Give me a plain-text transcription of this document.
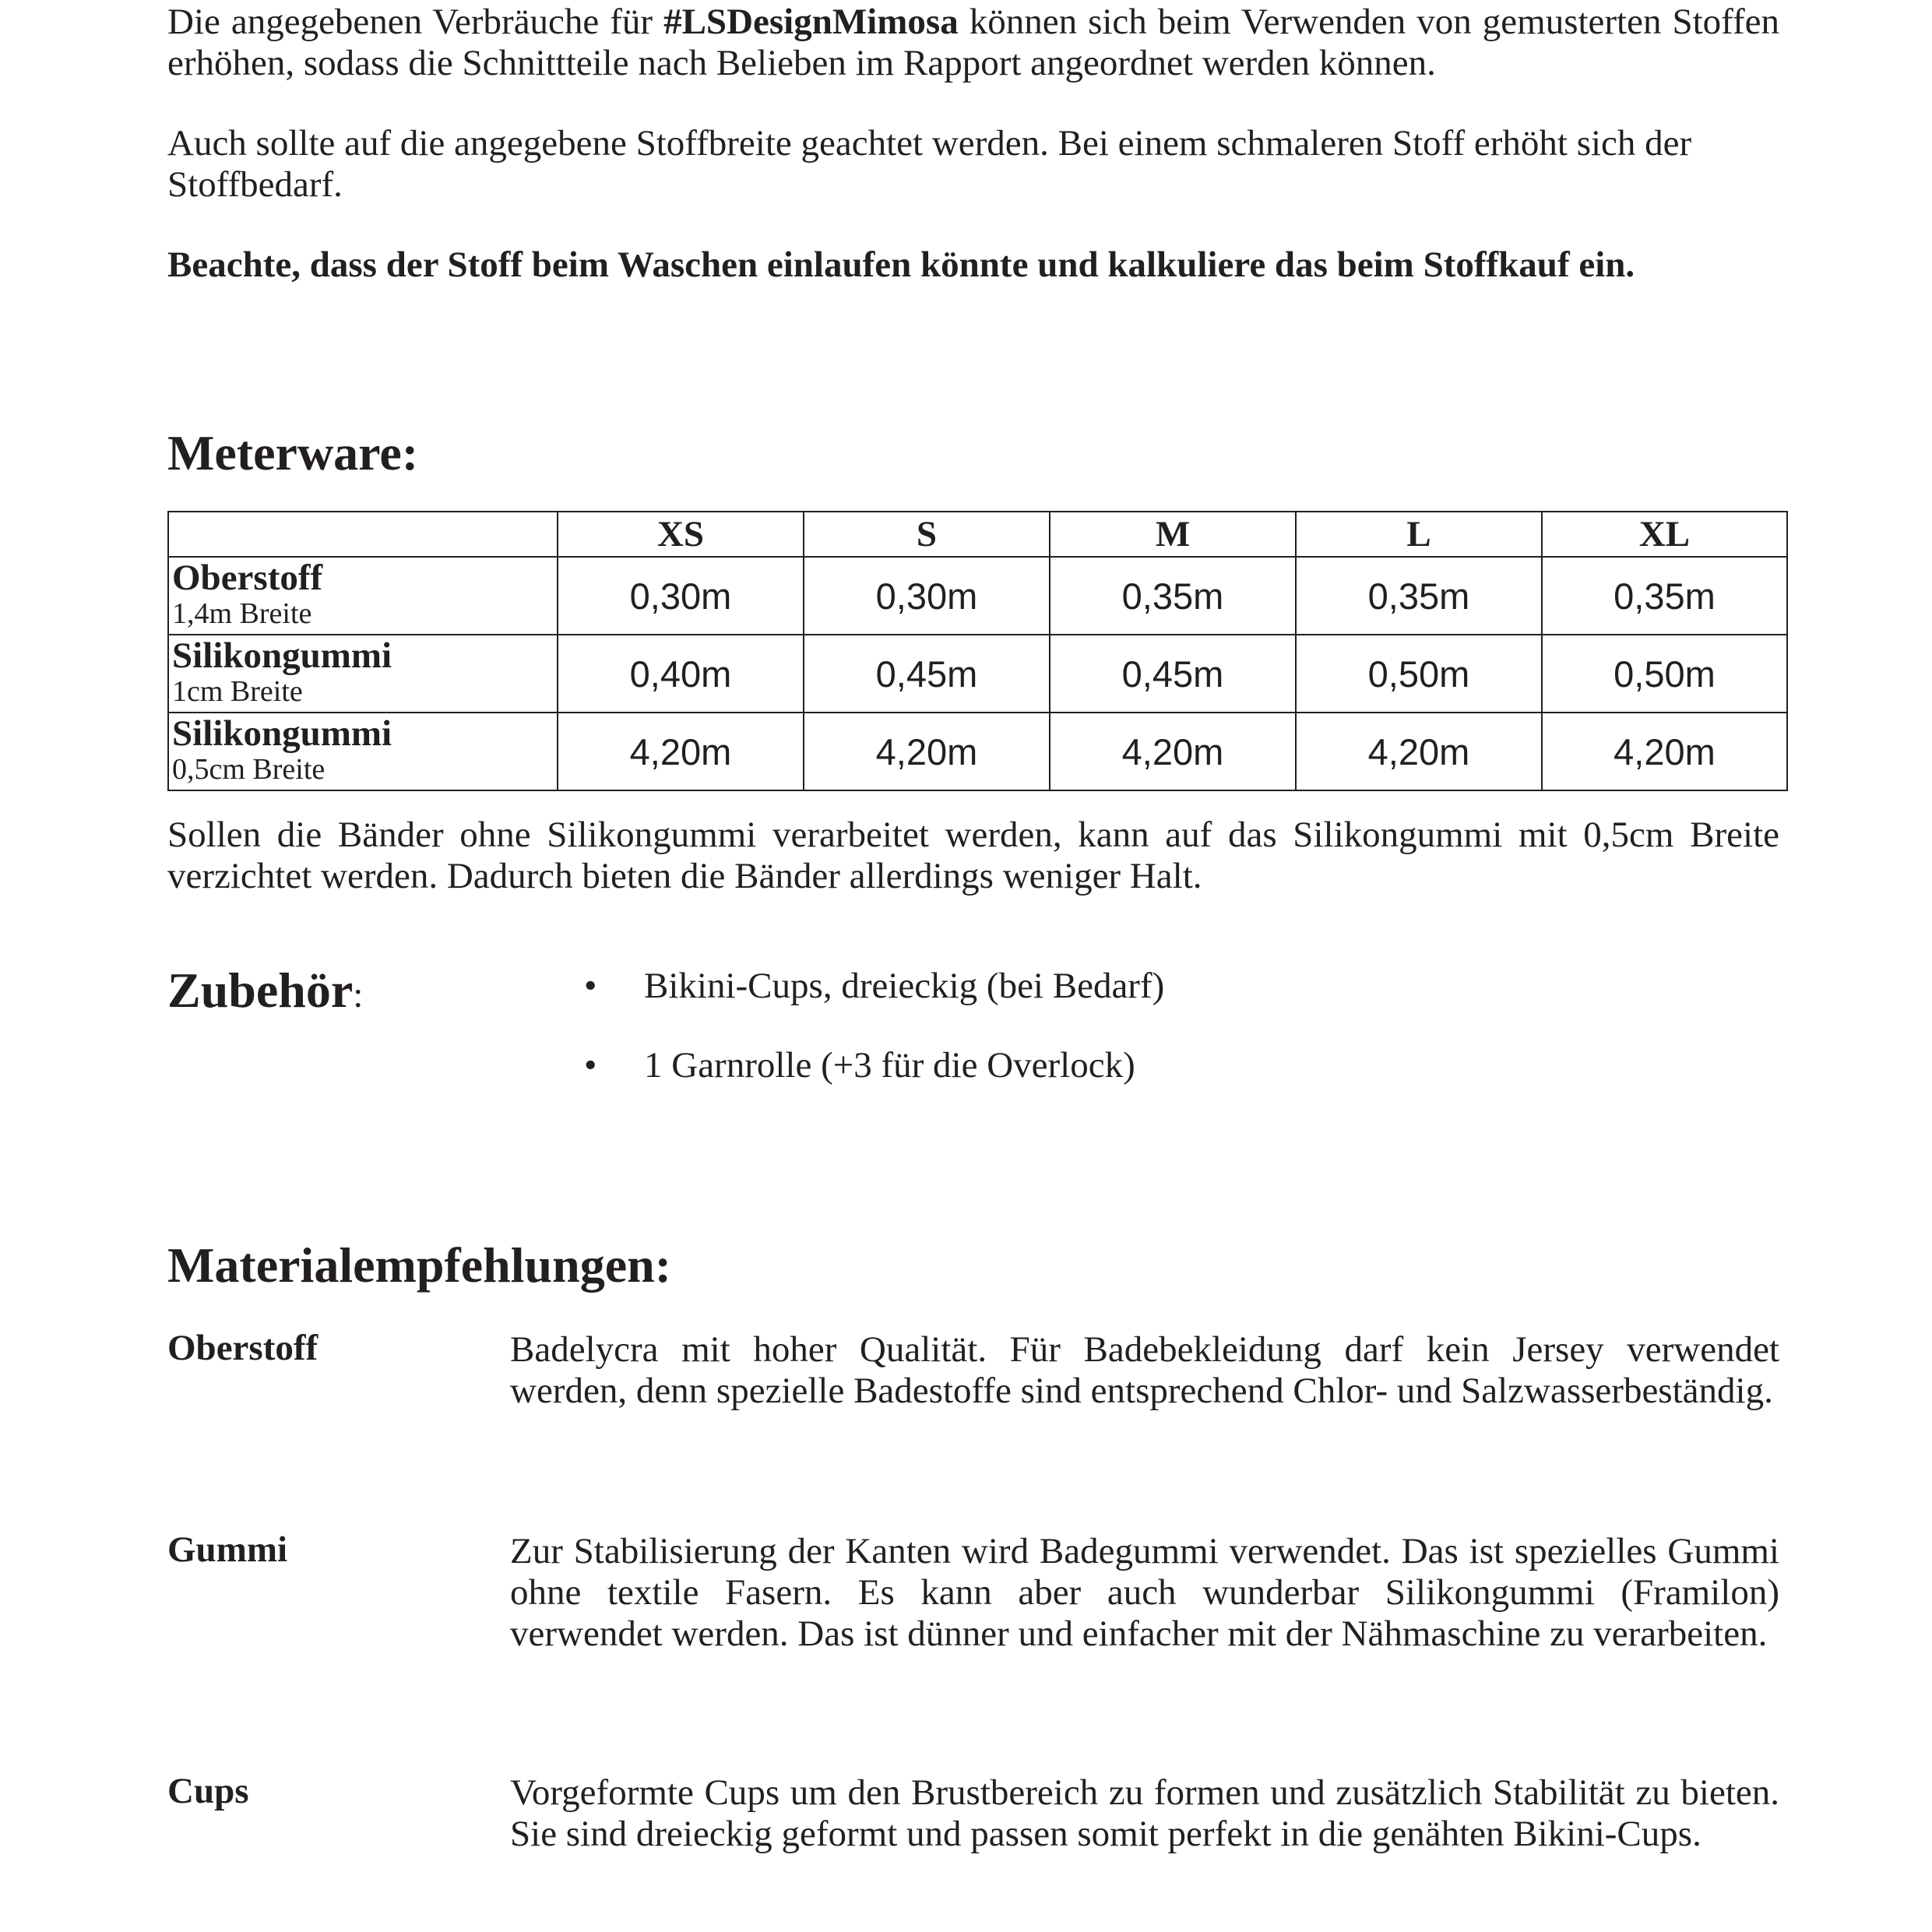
Die angegebenen Verbräuche für #LSDesignMimosa können sich beim Verwenden von gemusterten Stoffen erhöhen, sodass die Schnittteile nach Belieben im Rapport angeordnet werden können.

Auch sollte auf die angegebene Stoffbreite geachtet werden. Bei einem schmaleren Stoff erhöht sich der Stoffbedarf.

Beachte, dass der Stoff beim Waschen einlaufen könnte und kalkuliere das beim Stoffkauf ein.

Meterware:
	XS	S	M	L	XL

Oberstoff
1,4m Breite	0,30m	0,30m	0,35m	0,35m	0,35m

Silikongummi
1cm Breite	0,40m	0,45m	0,45m	0,50m	0,50m

Silikongummi
0,5cm Breite	4,20m	4,20m	4,20m	4,20m	4,20m

Sollen die Bänder ohne Silikongummi verarbeitet werden, kann auf das Silikongummi mit 0,5cm Breite verzichtet werden. Dadurch bieten die Bänder allerdings weniger Halt.

Zubehör:	• Bikini-Cups, dreieckig (bei Bedarf)
• 1 Garnrolle (+3 für die Overlock)
Materialempfehlungen:

Oberstoff	Badelycra mit hoher Qualität. Für Badebekleidung darf kein Jersey verwendet werden, denn spezielle Badestoffe sind entsprechend Chlor- und Salzwasserbeständig.

Gummi	Zur Stabilisierung der Kanten wird Badegummi verwendet. Das ist spezielles Gummi ohne textile Fasern. Es kann aber auch wunderbar Silikongummi (Framilon) verwendet werden. Das ist dünner und einfacher mit der Nähmaschine zu verarbeiten.

Cups	Vorgeformte Cups um den Brustbereich zu formen und zusätzlich Stabilität zu bieten. Sie sind dreieckig geformt und passen somit perfekt in die genähten Bikini-Cups.
